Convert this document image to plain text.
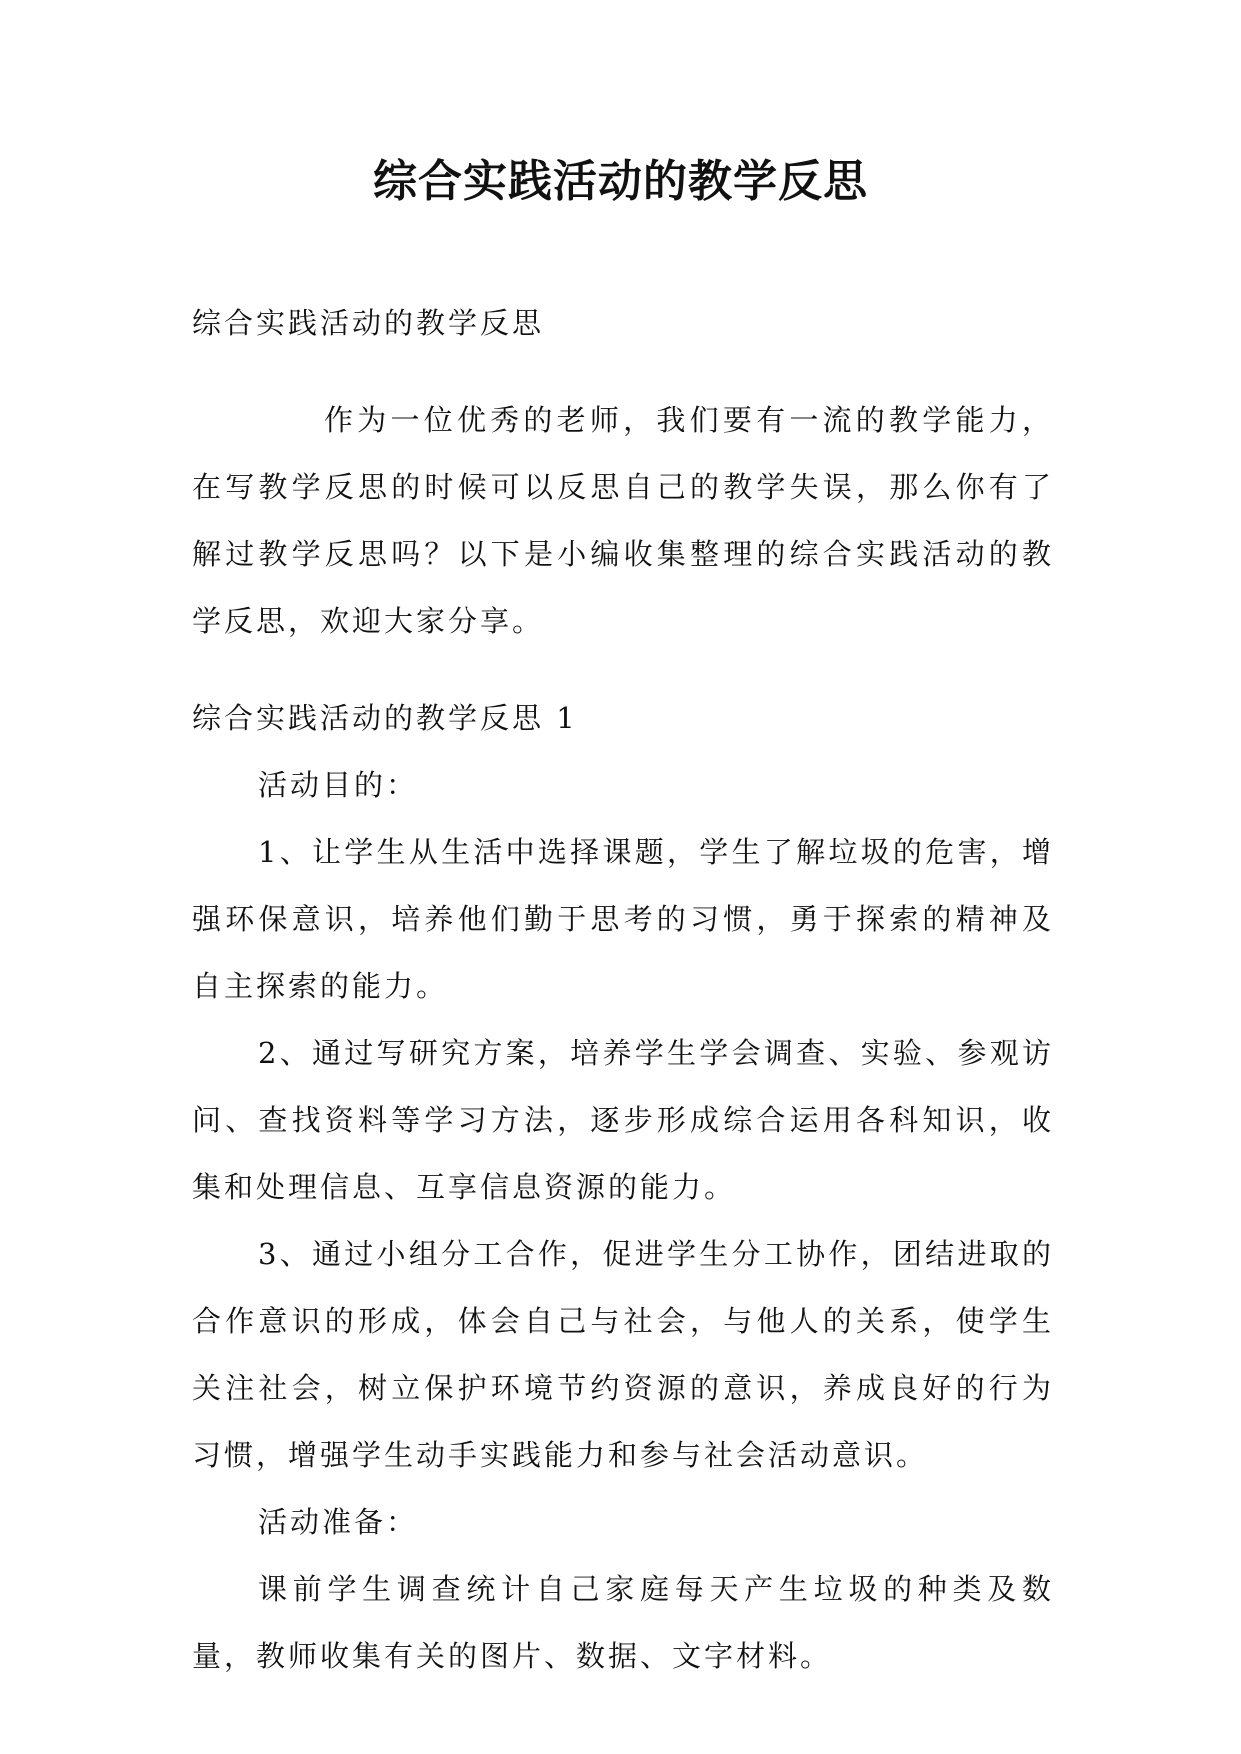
综合实践活动的教学反思

综合实践活动的教学反思

作为一位优秀的老师，我们要有一流的教学能力，在写教学反思的时候可以反思自己的教学失误，那么你有了解过教学反思吗？以下是小编收集整理的综合实践活动的教学反思，欢迎大家分享。

综合实践活动的教学反思 1

活动目的：

1、让学生从生活中选择课题，学生了解垃圾的危害，增强环保意识，培养他们勤于思考的习惯，勇于探索的精神及自主探索的能力。

2、通过写研究方案，培养学生学会调查、实验、参观访问、查找资料等学习方法，逐步形成综合运用各科知识，收集和处理信息、互享信息资源的能力。

3、通过小组分工合作，促进学生分工协作，团结进取的合作意识的形成，体会自己与社会，与他人的关系，使学生关注社会，树立保护环境节约资源的意识，养成良好的行为习惯，增强学生动手实践能力和参与社会活动意识。

活动准备：

课前学生调查统计自己家庭每天产生垃圾的种类及数量，教师收集有关的图片、数据、文字材料。
